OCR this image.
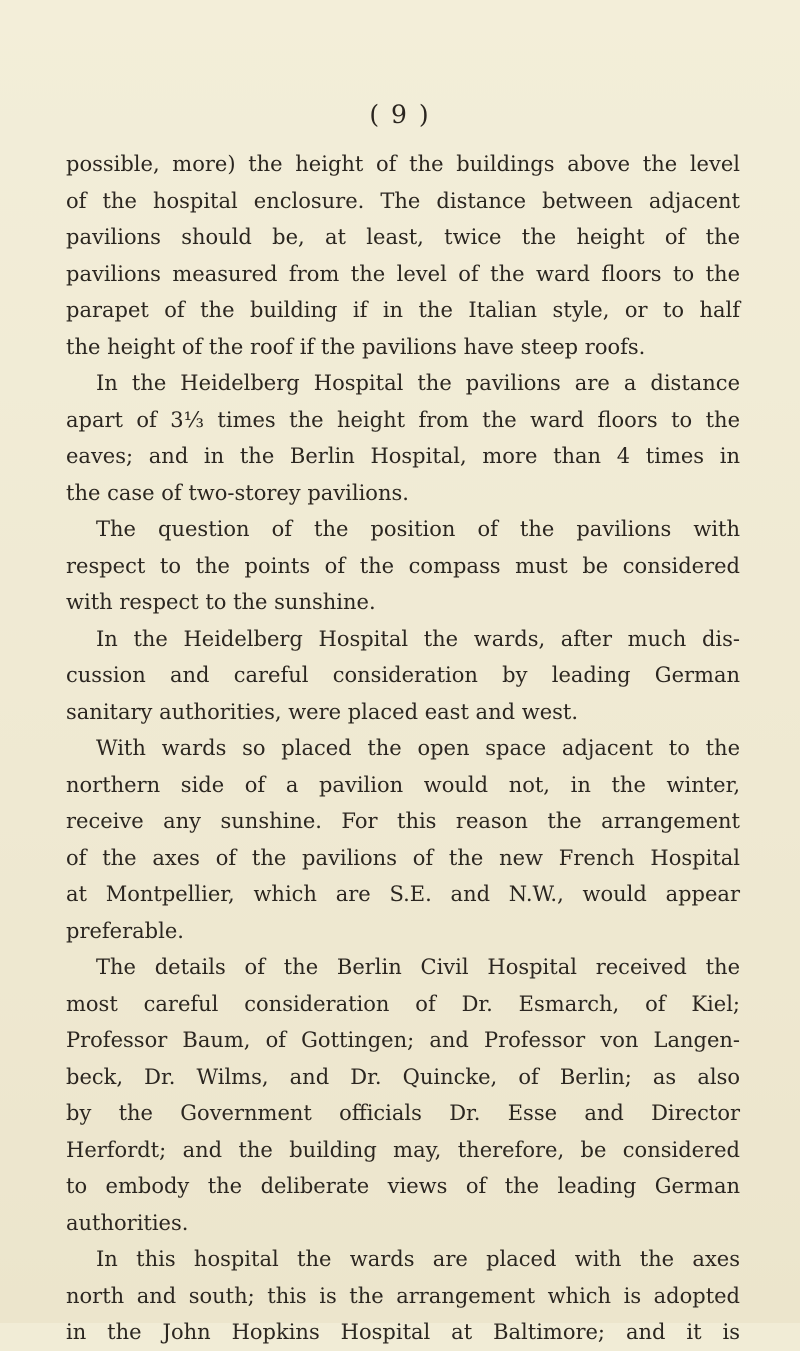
( 9 )
possible, more) the height of the buildings above the level
of the hospital enclosure. The distance between adjacent
pavilions should be, at least, twice the height of the
pavilions measured from the level of the ward floors to the
parapet of the building if in the Italian style, or to half
the height of the roof if the pavilions have steep roofs.
In the Heidelberg Hospital the pavilions are a distance
apart of 3⅓ times the height from the ward floors to the
eaves; and in the Berlin Hospital, more than 4 times in
the case of two-storey pavilions.
The question of the position of the pavilions with
respect to the points of the compass must be considered
with respect to the sunshine.
In the Heidelberg Hospital the wards, after much dis-
cussion and careful consideration by leading German
sanitary authorities, were placed east and west.
With wards so placed the open space adjacent to the
northern side of a pavilion would not, in the winter,
receive any sunshine. For this reason the arrangement
of the axes of the pavilions of the new French Hospital
at Montpellier, which are S.E. and N.W., would appear
preferable.
The details of the Berlin Civil Hospital received the
most careful consideration of Dr. Esmarch, of Kiel;
Professor Baum, of Gottingen; and Professor von Langen-
beck, Dr. Wilms, and Dr. Quincke, of Berlin; as also
by the Government officials Dr. Esse and Director
Herfordt; and the building may, therefore, be considered
to embody the deliberate views of the leading German
authorities.
In this hospital the wards are placed with the axes
north and south; this is the arrangement which is adopted
in the John Hopkins Hospital at Baltimore; and it is
